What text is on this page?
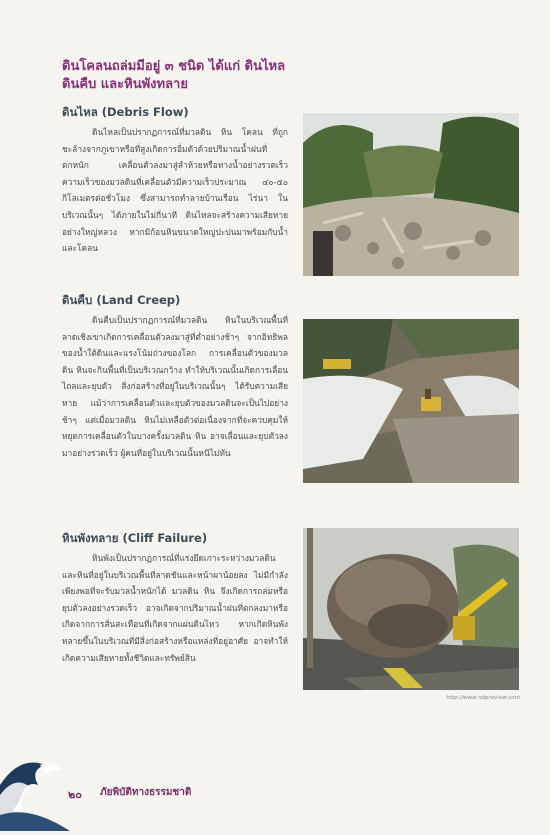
ดินโคลนถล่มมีอยู่ ๓ ชนิด ได้แก่ ดินไหล
ดินคืบ และหินพังทลาย
ดินไหล (Debris Flow)
ดินไหลเป็นปรากฏการณ์ที่มวลดิน หิน โคลน ที่ถูกชะล้างจากภูเขาหรือที่สูงเกิดการอิ่มตัวด้วยปริมาณน้ำฝนที่ตกหนัก เคลื่อนตัวลงมาสู่ลำห้วยหรือทางน้ำอย่างรวดเร็ว ความเร็วของมวลดินที่เคลื่อนตัวมีความเร็วประมาณ ๔๐-๕๐ กิโลเมตรต่อชั่วโมง ซึ่งสามารถทำลายบ้านเรือน ไร่นา ในบริเวณนั้นๆ ได้ภายในไม่กี่นาที ดินไหลจะสร้างความเสียหายอย่างใหญ่หลวง หากมีก้อนหินขนาดใหญ่ปะปนมาพร้อมกับน้ำและโคลน
ดินคืบ (Land Creep)
ดินคืบเป็นปรากฏการณ์ที่มวลดิน หินในบริเวณพื้นที่ลาดเชิงเขาเกิดการเคลื่อนตัวลงมาสู่ที่ต่ำอย่างช้าๆ จากอิทธิพลของน้ำใต้ดินและแรงโน้มถ่วงของโลก การเคลื่อนตัวของมวลดิน หินจะกินพื้นที่เป็นบริเวณกว้าง ทำให้บริเวณนั้นเกิดการเลื่อนไถลและยุบตัว สิ่งก่อสร้างที่อยู่ในบริเวณนั้นๆ ได้รับความเสียหาย แม้ว่าการเคลื่อนตัวและยุบตัวของมวลดินจะเป็นไปอย่างช้าๆ แต่เมื่อมวลดิน หินไม่เหลือตัวต่อเนื่องจากที่จะควบคุมให้หยุดการเคลื่อนตัวในบางครั้งมวลดิน หิน อาจเลื่อนและยุบตัวลงมาอย่างรวดเร็ว ผู้คนที่อยู่ในบริเวณนั้นหนีไม่ทัน
หินพังทลาย (Cliff Failure)
หินพังเป็นปรากฏการณ์ที่แรงยึดเกาะระหว่างมวลดินและหินที่อยู่ในบริเวณพื้นที่ลาดชันและหน้าผาน้อยลง ไม่มีกำลังเพียงพอที่จะรับมวลน้ำหนักได้ มวลดิน หิน จึงเกิดการถล่มหรือยุบตัวลงอย่างรวดเร็ว อาจเกิดจากปริมาณน้ำฝนที่ตกลงมาหรือเกิดจากการสั่นสะเทือนที่เกิดจากแผ่นดินไหว หากเกิดหินพังทลายขึ้นในบริเวณที่มีสิ่งก่อสร้างหรือแหล่งที่อยู่อาศัย อาจทำให้เกิดความเสียหายทั้งชีวิตและทรัพย์สิน
http://www.ndpreview.com
๒๐ ภัยพิบัติทางธรรมชาติ
